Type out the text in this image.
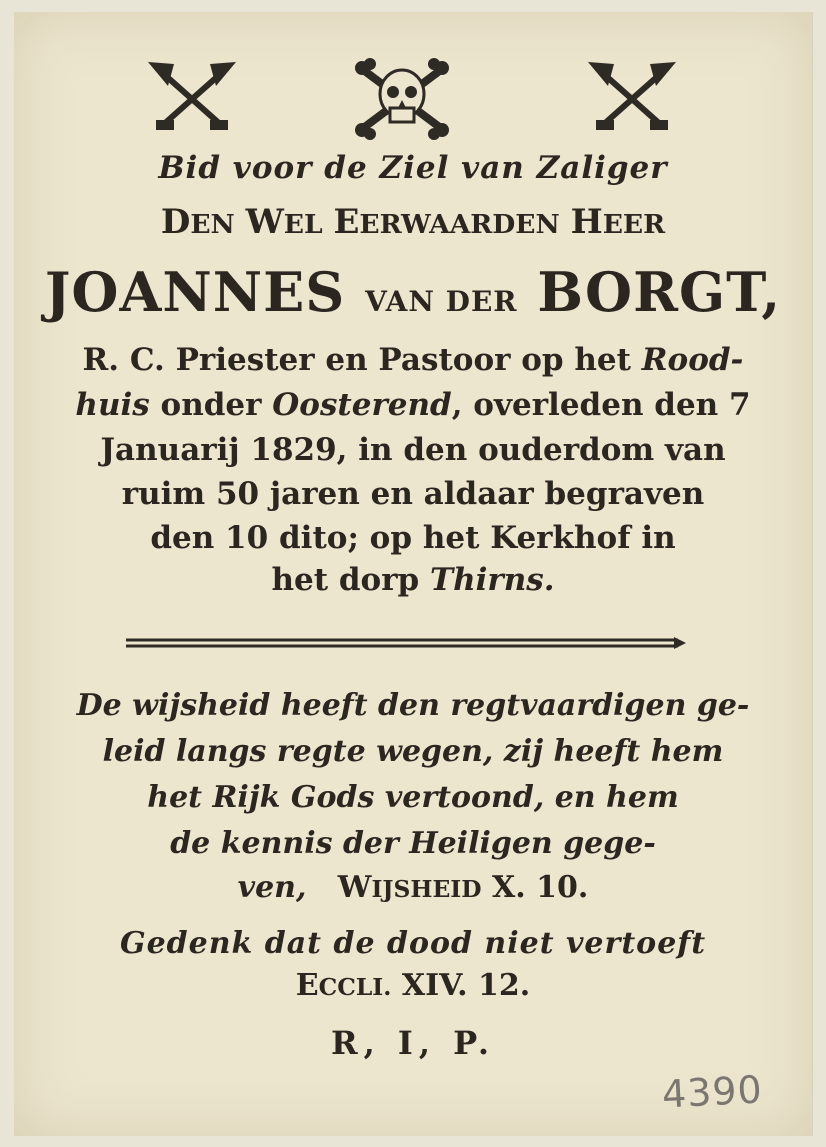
Bid voor de Ziel van Zaliger
DEN WEL EERWAARDEN HEER
JOANNES VAN DER BORGT,
R. C. Priester en Pastoor op het Rood-
huis onder Oosterend, overleden den 7
Januarij 1829, in den ouderdom van
ruim 50 jaren en aldaar begraven
den 10 dito; op het Kerkhof in
het dorp Thirns.
De wijsheid heeft den regtvaardigen ge-
leid langs regte wegen, zij heeft hem
het Rijk Gods vertoond, en hem
de kennis der Heiligen gege-
ven, WIJSHEID X. 10.
Gedenk dat de dood niet vertoeft
ECCLI. XIV. 12.
R, I, P.
4390
